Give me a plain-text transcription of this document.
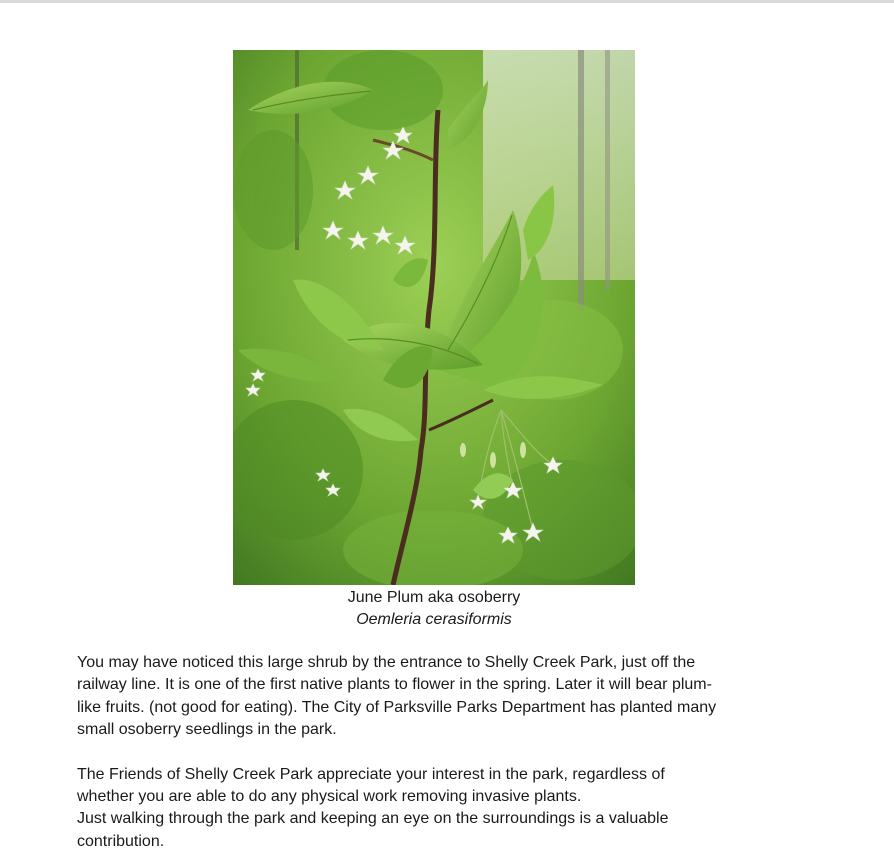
June Plum aka osoberry
Oemleria cerasiformis

You may have noticed this large shrub by the entrance to Shelly Creek Park, just off the
railway line. It is one of the first native plants to flower in the spring. Later it will bear plum-
like fruits. (not good for eating). The City of Parksville Parks Department has planted many
small osoberry seedlings in the park.

The Friends of Shelly Creek Park appreciate your interest in the park, regardless of
whether you are able to do any physical work removing invasive plants.
Just walking through the park and keeping an eye on the surroundings is a valuable
contribution.
